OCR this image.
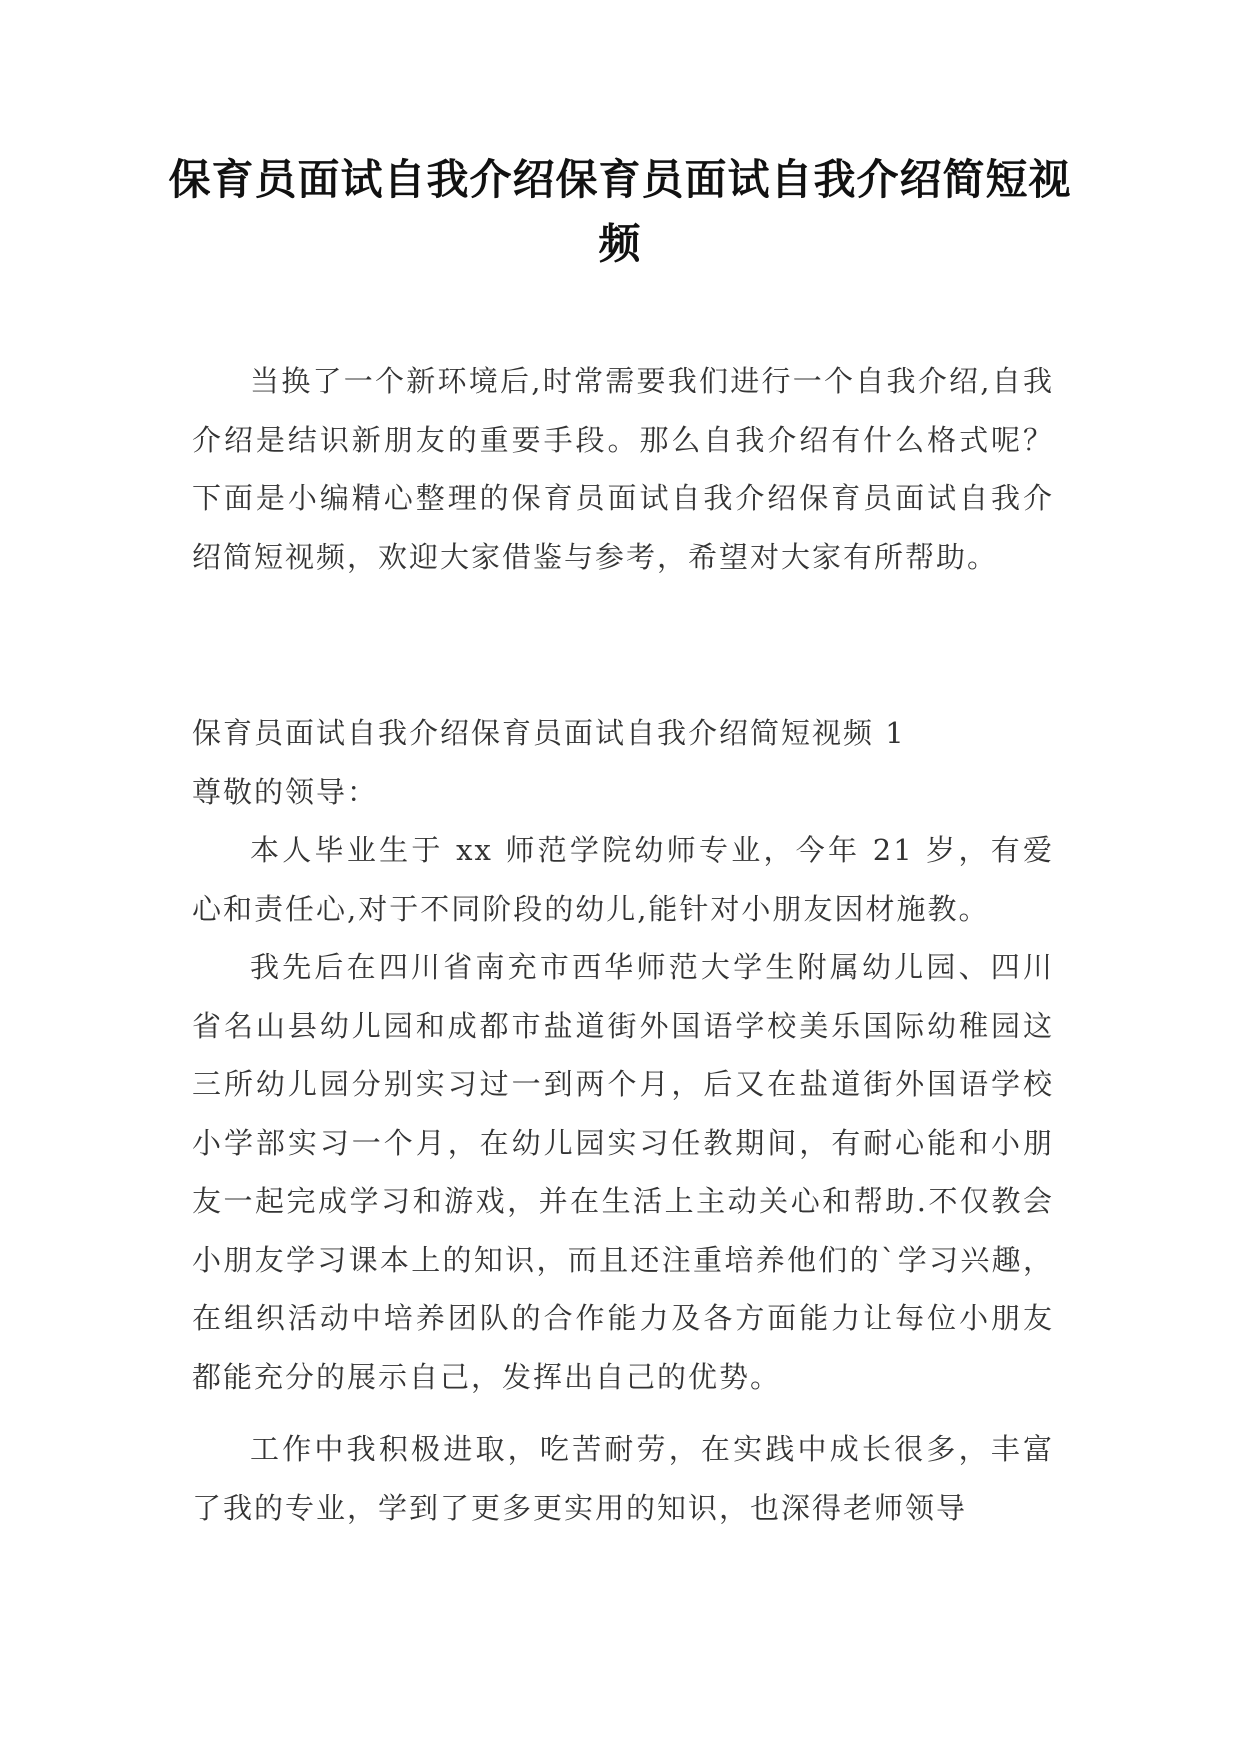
保育员面试自我介绍保育员面试自我介绍简短视频

当换了一个新环境后,时常需要我们进行一个自我介绍,自我介绍是结识新朋友的重要手段。那么自我介绍有什么格式呢？下面是小编精心整理的保育员面试自我介绍保育员面试自我介绍简短视频，欢迎大家借鉴与参考，希望对大家有所帮助。

保育员面试自我介绍保育员面试自我介绍简短视频 1

尊敬的领导：

本人毕业生于 xx 师范学院幼师专业，今年 21 岁，有爱心和责任心,对于不同阶段的幼儿,能针对小朋友因材施教。

我先后在四川省南充市西华师范大学生附属幼儿园、四川省名山县幼儿园和成都市盐道街外国语学校美乐国际幼稚园这三所幼儿园分别实习过一到两个月，后又在盐道街外国语学校小学部实习一个月，在幼儿园实习任教期间，有耐心能和小朋友一起完成学习和游戏，并在生活上主动关心和帮助.不仅教会小朋友学习课本上的知识，而且还注重培养他们的`学习兴趣，在组织活动中培养团队的合作能力及各方面能力让每位小朋友都能充分的展示自己，发挥出自己的优势。

工作中我积极进取，吃苦耐劳，在实践中成长很多，丰富了我的专业，学到了更多更实用的知识，也深得老师领导
